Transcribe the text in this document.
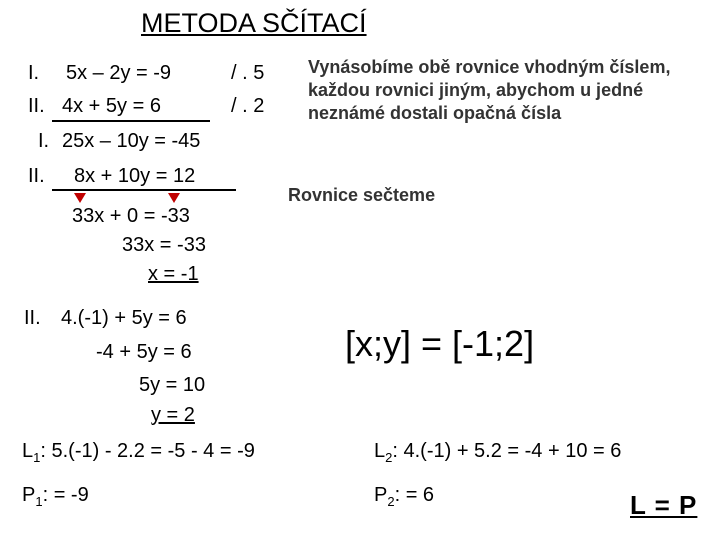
METODA SČÍTACÍ
I. 5x – 2y = -9	/ . 5
II. 4x + 5y = 6	/ . 2
I. 25x – 10y = -45
II. 8x + 10y = 12
Vynásobíme obě rovnice vhodným číslem,
každou rovnici jiným, abychom u jedné
neznámé dostali opačná čísla
Rovnice sečteme
33x + 0 = -33
33x = -33
x = -1
II. 4.(-1) + 5y = 6
-4 + 5y = 6
5y = 10
y = 2
[x;y] = [-1;2]
$L_1$: 5.(-1) - 2.2 = -5 - 4 = -9
$P_1$: = -9
$L_2$: 4.(-1) + 5.2 = -4 + 10 = 6
$P_2$: = 6	L = P
